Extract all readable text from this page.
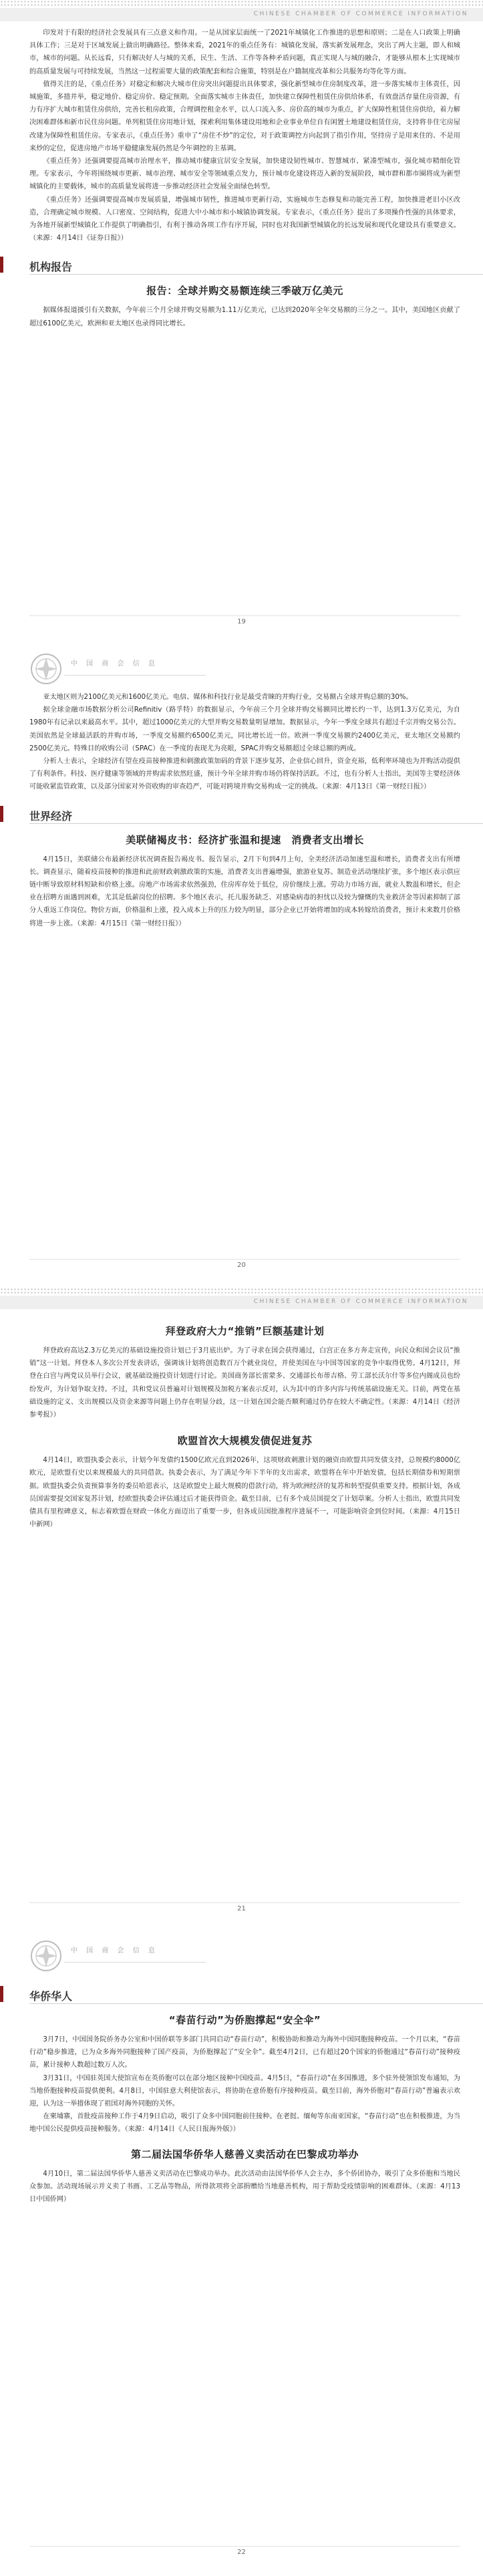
CHINESE CHAMBER OF COMMERCE INFORMATION

印发对于有限的经济社会发展具有三点意义和作用。一是从国家层面统一了2021年城镇化工作推进的思想和原则；二是在人口政策上明确具体工作；三是对于区域发展上做出明确路径。整体来看，2021年的重点任务有：城镇化发展，落实新发展理念，突出了两大主题，即人和城市，城市的问题。从长远看，只有解决好人与城的关系，民生、生活、工作等各种矛盾问题，真正实现人与城的融合，才能够从根本上实现城市的高质量发展与可持续发展，当然这一过程需要大量的政策配套和综合施策，特别是在户籍制度改革和公共服务均等化等方面。

值得关注的是，《重点任务》对稳定和解决大城市住房突出问题提出具体要求，强化新型城市住房制度改革，进一步落实城市主体责任，因城施策，多措并举，稳定地价、稳定房价、稳定预期。全面落实城市主体责任，加快建立保障性租赁住房供给体系，有效盘活存量住房资源，有力有序扩大城市租赁住房供给，完善长租房政策，合理调控租金水平，以人口流入多、房价高的城市为重点，扩大保障性租赁住房供给，着力解决困难群体和新市民住房问题。单列租赁住房用地计划，探索利用集体建设用地和企业事业单位自有闲置土地建设租赁住房，支持将非住宅房屋改建为保障性租赁住房。专家表示，《重点任务》重申了“房住不炒”的定位，对于政策调控方向起到了指引作用，坚持房子是用来住的、不是用来炒的定位，促进房地产市场平稳健康发展仍然是今年调控的主基调。

《重点任务》还强调要提高城市治理水平，推动城市健康宜居安全发展，加快建设韧性城市、智慧城市、紧凑型城市，强化城市精细化管理。专家表示，今年将围绕城市更新、城市治理、城市安全等领域重点发力，预计城市化建设将迈入新的发展阶段，城市群和都市圈将成为新型城镇化的主要载体，城市的高质量发展将进一步推动经济社会发展全面绿色转型。

《重点任务》还强调要提高城市发展质量，增强城市韧性，推进城市更新行动，实施城市生态修复和功能完善工程，加快推进老旧小区改造，合理确定城市规模、人口密度、空间结构，促进大中小城市和小城镇协调发展。专家表示，《重点任务》提出了多项操作性强的具体要求，为各地开展新型城镇化工作提供了明确指引，有利于推动各项工作有序开展，同时也对我国新型城镇化的长远发展和现代化建设具有重要意义。（来源：4月14日《证券日报》）

机构报告
报告：全球并购交易额连续三季破万亿美元

据媒体报道援引有关数据，今年前三个月全球并购交易额为1.11万亿美元，已达到2020年全年交易额的三分之一。其中，美国地区贡献了超过6100亿美元，欧洲和亚太地区也录得同比增长。

19
中 国 商 会 信 息

亚太地区则为2100亿美元和1600亿美元。电信、媒体和科技行业是最受青睐的并购行业，交易额占全球并购总额的30%。

据全球金融市场数据分析公司Refinitiv（路孚特）的数据显示，今年前三个月全球并购交易额同比增长约一半，达到1.3万亿美元，为自1980年有记录以来最高水平。其中，超过1000亿美元的大型并购交易数量明显增加。数据显示，今年一季度全球共有超过千宗并购交易公告。美国依然是全球最活跃的并购市场，一季度交易额约6500亿美元，同比增长近一倍。欧洲一季度交易额约2400亿美元，亚太地区交易额约2500亿美元。特殊目的收购公司（SPAC）在一季度的表现尤为亮眼，SPAC并购交易额超过全球总额的两成。

分析人士表示，全球经济有望在疫苗接种推进和刺激政策加码的背景下逐步复苏，企业信心回升，资金充裕，低利率环境也为并购活动提供了有利条件。科技、医疗健康等领域的并购需求依然旺盛，预计今年全球并购市场仍将保持活跃。不过，也有分析人士指出，美国等主要经济体可能收紧监管政策，以及部分国家对外资收购的审查趋严，可能对跨境并购交易构成一定的挑战。（来源：4月13日《第一财经日报》）

世界经济
美联储褐皮书：经济扩张温和提速　消费者支出增长

4月15日，美联储公布最新经济状况调查报告褐皮书。报告显示，2月下旬到4月上旬，全美经济活动加速至温和增长，消费者支出有所增长。调查显示，随着疫苗接种的推进和此前财政刺激政策的实施，消费者支出普遍增强，旅游业复苏。制造业活动继续扩张，多个地区表示供应链中断导致原材料短缺和价格上涨。房地产市场需求依然强劲，住房库存处于低位，房价继续上涨。劳动力市场方面，就业人数温和增长，但企业在招聘方面遇到困难，尤其是低薪岗位的招聘。多个地区表示，托儿服务缺乏、对感染病毒的担忧以及较为慷慨的失业救济金等因素抑制了部分人重返工作岗位。物价方面，价格温和上涨，投入成本上升的压力较为明显，部分企业已开始将增加的成本转嫁给消费者，预计未来数月价格将进一步上涨。（来源：4月15日《第一财经日报》）

20
CHINESE CHAMBER OF COMMERCE INFORMATION
拜登政府大力“推销”巨额基建计划

拜登政府高达2.3万亿美元的基础设施投资计划已于3月底出炉。为了寻求在国会获得通过，白宫正在多方奔走宣传，向民众和国会议员“推销”这一计划。拜登本人多次公开发表讲话，强调该计划将创造数百万个就业岗位，并使美国在与中国等国家的竞争中取得优势。4月12日，拜登在白宫与两党议员举行会议，就基础设施投资计划进行讨论。美国商务部长雷蒙多、交通部长布蒂吉格、劳工部长沃尔什等多位内阁成员也纷纷发声，为计划争取支持。不过，共和党议员普遍对计划规模及加税方案表示反对，认为其中的许多内容与传统基础设施无关。目前，两党在基础设施的定义、支出规模以及资金来源等问题上仍存在明显分歧，这一计划在国会能否顺利通过仍存在较大不确定性。（来源：4月14日《经济参考报》）

欧盟首次大规模发债促进复苏

4月14日，欧盟执委会表示，计划今年发债约1500亿欧元直到2026年，这项财政刺激计划的融资由欧盟共同发债支持，总规模约8000亿欧元，是欧盟有史以来规模最大的共同借款。执委会表示，为了满足今年下半年的支出需求，欧盟将在年中开始发债，包括长期债券和短期票据。欧盟执委会负责预算事务的委员哈恩表示，这是欧盟史上最大规模的借款行动，将为欧洲经济的复苏和转型提供重要支持。根据计划，各成员国需要提交国家复苏计划，经欧盟执委会评估通过后才能获得资金。截至目前，已有多个成员国提交了计划草案。分析人士指出，欧盟共同发债具有里程碑意义，标志着欧盟在财政一体化方面迈出了重要一步，但各成员国批准程序进展不一，可能影响资金到位时间。（来源：4月15日中新网）

21
中 国 商 会 信 息
华侨华人
“春苗行动”为侨胞撑起“安全伞”

3月7日，中国国务院侨务办公室和中国侨联等多部门共同启动“春苗行动”，积极协助和推动为海外中国同胞接种疫苗。一个月以来，“春苗行动”稳步推进，已为众多海外同胞接种了国产疫苗，为侨胞撑起了“安全伞”。截至4月2日，已有超过20个国家的侨胞通过“春苗行动”接种疫苗，累计接种人数超过数万人次。

3月31日，中国驻英国大使馆宣布在英侨胞可以在部分地区接种中国疫苗。4月5日，“春苗行动”在多国推进，多个驻外使领馆发布通知，为当地侨胞接种疫苗提供便利。4月8日，中国驻意大利使馆表示，将协助在意侨胞有序接种疫苗。截至目前，海外侨胞对“春苗行动”普遍表示欢迎，认为这一举措体现了祖国对海外同胞的关怀。

在柬埔寨，首批疫苗接种工作于4月9日启动，吸引了众多中国同胞前往接种。在老挝、缅甸等东南亚国家，“春苗行动”也在积极推进，为当地中国公民提供疫苗接种服务。（来源：4月14日《人民日报海外版》）

第二届法国华侨华人慈善义卖活动在巴黎成功举办

4月10日，第二届法国华侨华人慈善义卖活动在巴黎成功举办。此次活动由法国华侨华人会主办，多个侨团协办，吸引了众多侨胞和当地民众参加。活动现场展示并义卖了书画、工艺品等物品，所得款项将全部捐赠给当地慈善机构，用于帮助受疫情影响的困难群体。（来源：4月13日中国侨网）

22
